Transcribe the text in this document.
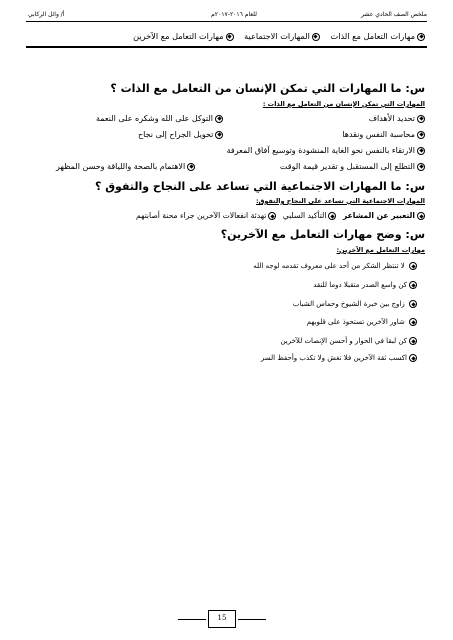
ملخص الصف الحادي عشر
للعام ٢٠١٦-٢٠١٧م
أ/ وائل الركابي
مهارات التعامل مع الذات المهارات الاجتماعية مهارات التعامل مع الآخرين
س: ما المهارات التي تمكن الإنسان من التعامل مع الذات ؟
المهارات التي تمكن الإنسان من التعامل مع الذات :
تحديد الأهداف
التوكل على الله وشكره على النعمة
محاسبة النفس ونقدها
تحويل الجراح إلى نجاح
الارتقاء بالنفس نحو الغاية المنشودة وتوسيع آفاق المعرفة
التطلع إلى المستقبل و تقدير قيمة الوقت
الاهتمام بالصحة واللياقة وحسن المظهر
س: ما المهارات الاجتماعية التي تساعد على النجاح والتفوق ؟
المهارات الاجتماعية التي تساعد على النجاح والتفوق:
التعبير عن المشاعر التأكيد السلبي تهدئة انفعالات الآخرين جراء محنة أصابتهم
س: وضح مهارات التعامل مع الآخرين؟
مهارات التعامل مع الآخرين:
لا تنتظر الشكر من أحد على معروف تقدمه لوجه الله
كن واسع الصدر متقبلا دوما للنقد
زاوج بين خبرة الشيوخ وحماس الشباب
شاور الآخرين تستحوذ على قلوبهم
كن لبقا في الحوار و أحسن الإنصات للآخرين
اكسب ثقة الآخرين فلا تغش ولا تكذب وأحفظ السر
15
